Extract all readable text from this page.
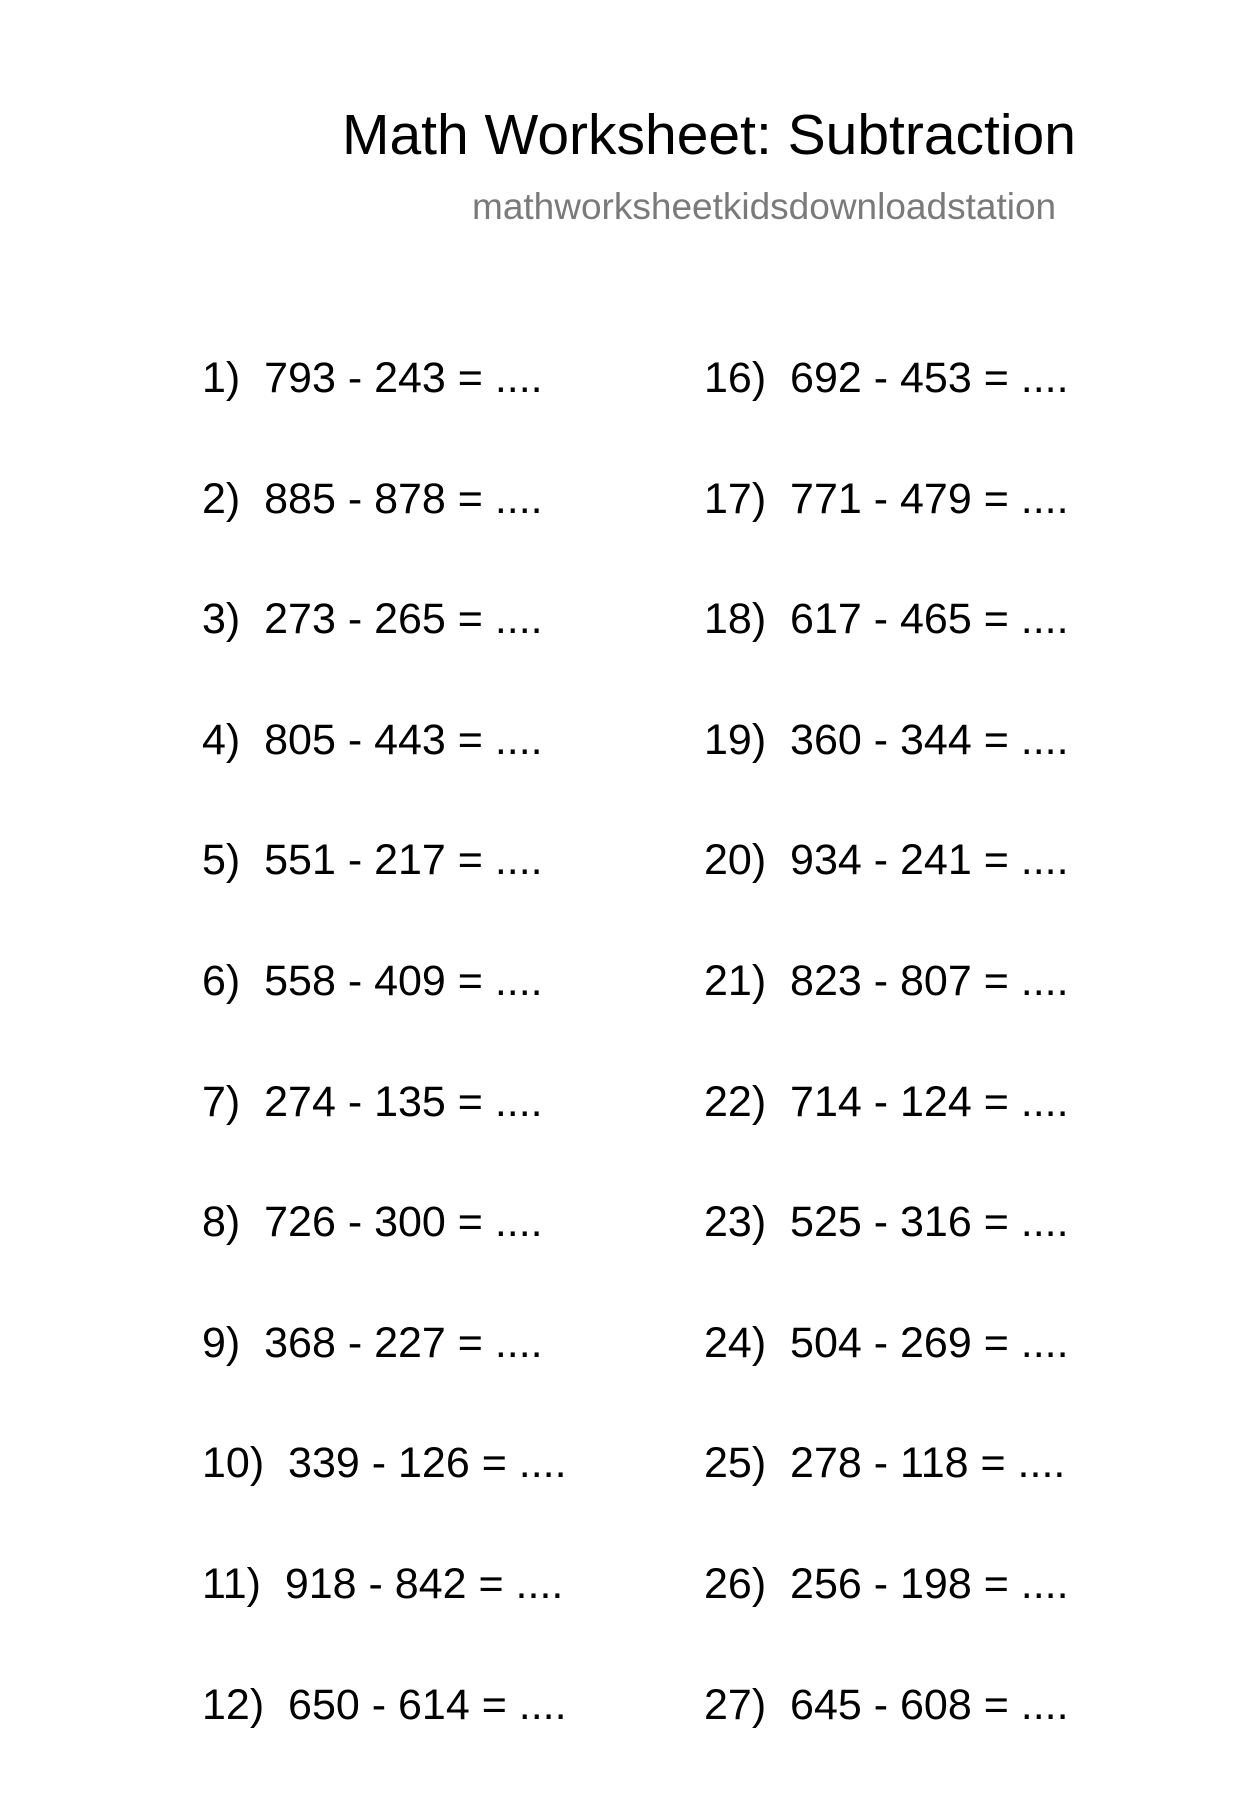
Math Worksheet: Subtraction
mathworksheetkidsdownloadstation
1)  793 - 243 = ....
2)  885 - 878 = ....
3)  273 - 265 = ....
4)  805 - 443 = ....
5)  551 - 217 = ....
6)  558 - 409 = ....
7)  274 - 135 = ....
8)  726 - 300 = ....
9)  368 - 227 = ....
10)  339 - 126 = ....
11)  918 - 842 = ....
12)  650 - 614 = ....
16)  692 - 453 = ....
17)  771 - 479 = ....
18)  617 - 465 = ....
19)  360 - 344 = ....
20)  934 - 241 = ....
21)  823 - 807 = ....
22)  714 - 124 = ....
23)  525 - 316 = ....
24)  504 - 269 = ....
25)  278 - 118 = ....
26)  256 - 198 = ....
27)  645 - 608 = ....
